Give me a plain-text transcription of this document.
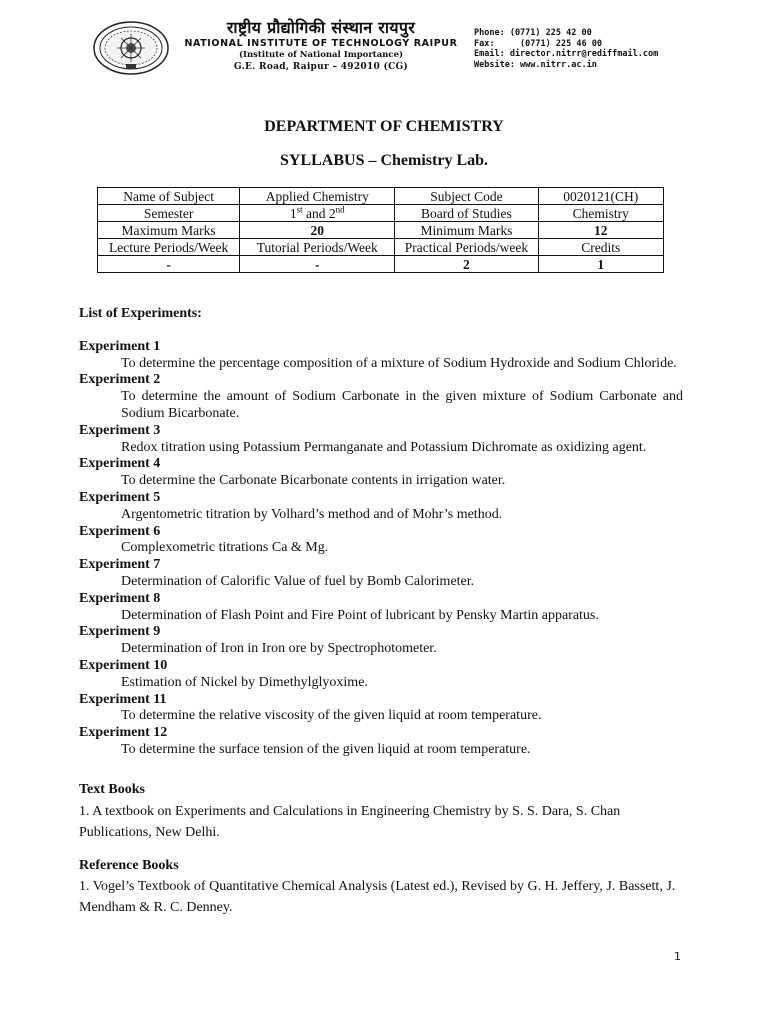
राष्ट्रीय प्रौद्योगिकी संस्थान रायपुर
NATIONAL INSTITUTE OF TECHNOLOGY RAIPUR
(Institute of National Importance)
G.E. Road, Raipur – 492010 (CG)
Phone: (0771) 225 42 00
Fax:     (0771) 225 46 00
Email: director.nitrr@rediffmail.com
Website: www.nitrr.ac.in
DEPARTMENT OF CHEMISTRY
SYLLABUS – Chemistry Lab.
Name of Subject	Applied Chemistry	Subject Code	0020121(CH)
Semester	1st and 2nd	Board of Studies	Chemistry
Maximum Marks	20	Minimum Marks	12
Lecture Periods/Week	Tutorial Periods/Week	Practical Periods/week	Credits
-	-	2	1
List of Experiments:
Experiment 1
To determine the percentage composition of a mixture of Sodium Hydroxide and Sodium Chloride.
Experiment 2
To determine the amount of Sodium Carbonate in the given mixture of Sodium Carbonate and Sodium Bicarbonate.
Experiment 3
Redox titration using Potassium Permanganate and Potassium Dichromate as oxidizing agent.
Experiment 4
To determine the Carbonate Bicarbonate contents in irrigation water.
Experiment 5
Argentometric titration by Volhard’s method and of Mohr’s method.
Experiment 6
Complexometric titrations Ca & Mg.
Experiment 7
Determination of Calorific Value of fuel by Bomb Calorimeter.
Experiment 8
Determination of Flash Point and Fire Point of lubricant by Pensky Martin apparatus.
Experiment 9
Determination of Iron in Iron ore by Spectrophotometer.
Experiment 10
Estimation of Nickel by Dimethylglyoxime.
Experiment 11
To determine the relative viscosity of the given liquid at room temperature.
Experiment 12
To determine the surface tension of the given liquid at room temperature.
Text Books
1. A textbook on Experiments and Calculations in Engineering Chemistry by S. S. Dara, S. Chan Publications, New Delhi.
Reference Books
1. Vogel’s Textbook of Quantitative Chemical Analysis (Latest ed.), Revised by G. H. Jeffery, J. Bassett, J. Mendham & R. C. Denney.
1
